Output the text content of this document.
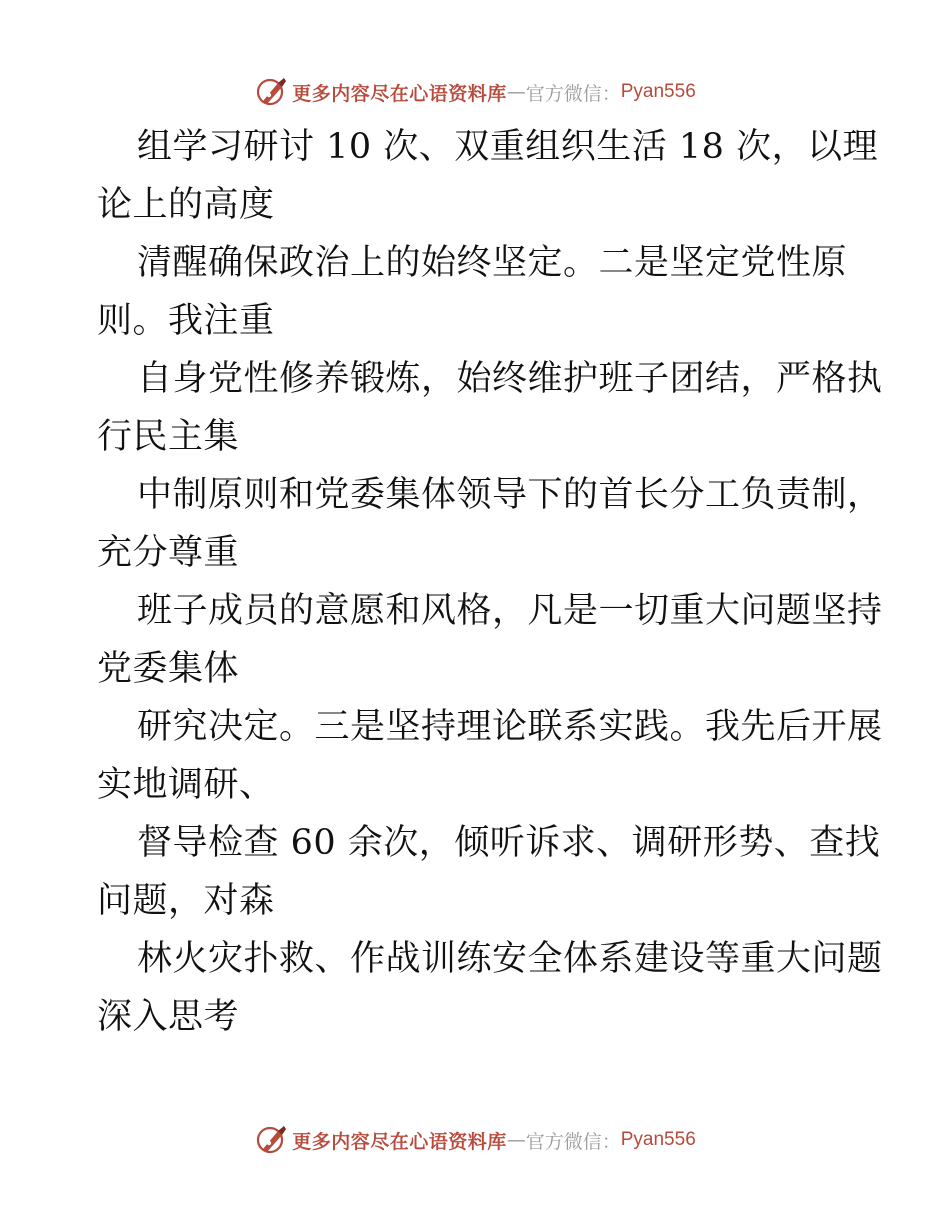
更多内容尽在心语资料库 — 官方微信： Pyan556
组学习研讨 10 次、双重组织生活 18 次，以理
论上的高度
清醒确保政治上的始终坚定。二是坚定党性原
则。我注重
自身党性修养锻炼，始终维护班子团结，严格执
行民主集
中制原则和党委集体领导下的首长分工负责制，
充分尊重
班子成员的意愿和风格，凡是一切重大问题坚持
党委集体
研究决定。三是坚持理论联系实践。我先后开展
实地调研、
督导检查 60 余次，倾听诉求、调研形势、查找
问题，对森
林火灾扑救、作战训练安全体系建设等重大问题
深入思考
更多内容尽在心语资料库 — 官方微信： Pyan556
